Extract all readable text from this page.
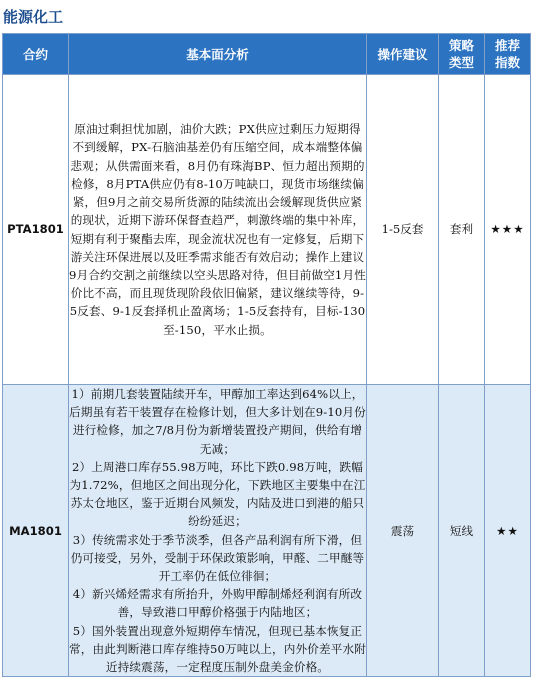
能源化工
合约	基本面分析	操作建议	策略类型	推荐指数
PTA1801	原油过剩担忧加剧，油价大跌；PX供应过剩压力短期得不到缓解，PX-石脑油基差仍有压缩空间，成本端整体偏悲观；从供需面来看，8月仍有珠海BP、恒力超出预期的检修，8月PTA供应仍有8-10万吨缺口，现货市场继续偏紧，但9月之前交易所货源的陆续流出会缓解现货供应紧的现状，近期下游环保督查趋严，刺激终端的集中补库，短期有利于聚酯去库，现金流状况也有一定修复，后期下游关注环保进展以及旺季需求能否有效启动；操作上建议9月合约交割之前继续以空头思路对待，但目前做空1月性价比不高，而且现货现阶段依旧偏紧，建议继续等待，9-5反套、9-1反套择机止盈离场；1-5反套持有，目标-130至-150，平水止损。	1-5反套	套利	★★★
MA1801	1）前期几套装置陆续开车，甲醇加工率达到64%以上，后期虽有若干装置存在检修计划，但大多计划在9-10月份进行检修，加之7/8月份为新增装置投产期间，供给有增无减；
2）上周港口库存55.98万吨，环比下跌0.98万吨，跌幅为1.72%，但地区之间出现分化，下跌地区主要集中在江苏太仓地区，鉴于近期台风频发，内陆及进口到港的船只纷纷延迟；
3）传统需求处于季节淡季，但各产品利润有所下滑，但仍可接受，另外，受制于环保政策影响，甲醛、二甲醚等开工率仍在低位徘徊；
4）新兴烯烃需求有所抬升，外购甲醇制烯烃利润有所改善，导致港口甲醇价格强于内陆地区；
5）国外装置出现意外短期停车情况，但现已基本恢复正常，由此判断港口库存维持50万吨以上，内外价差平水附近持续震荡，一定程度压制外盘美金价格。	震荡	短线	★★
